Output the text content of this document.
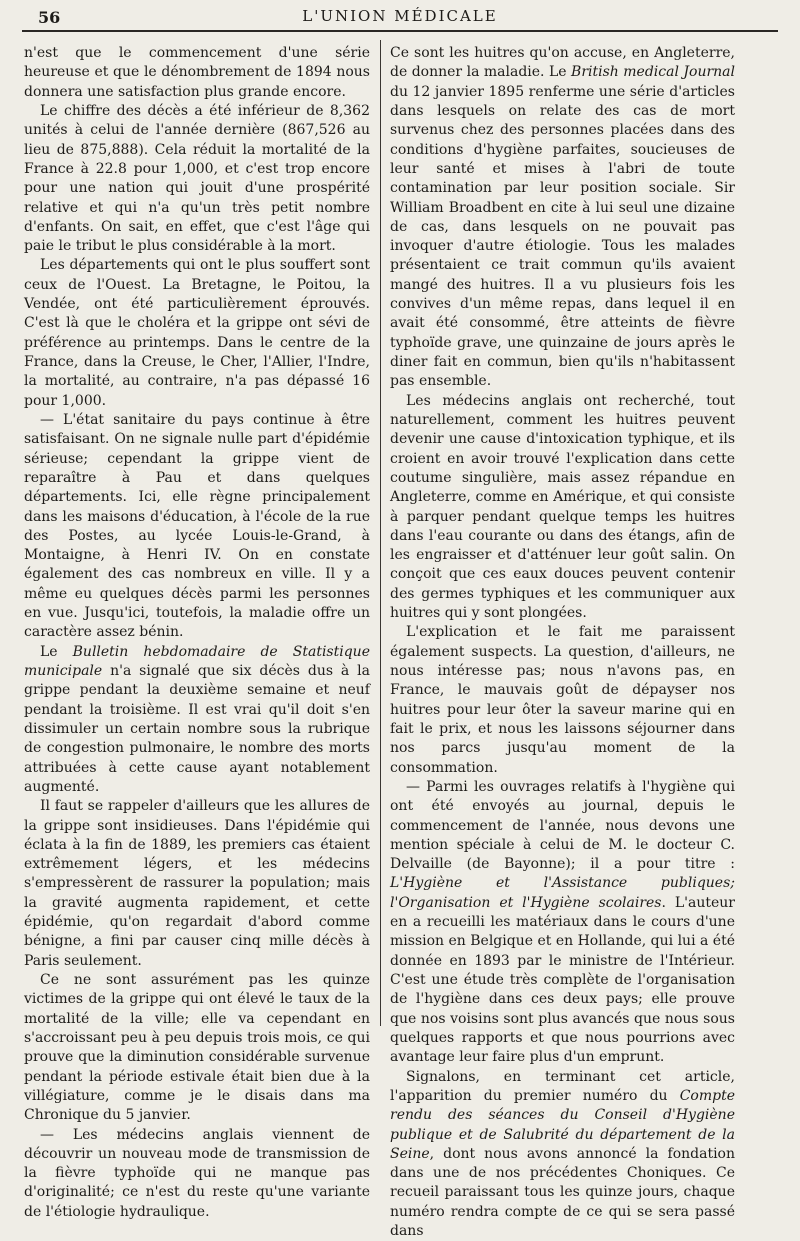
56	L'UNION MÉDICALE

n'est que le commencement d'une série heureuse et que le dénombrement de 1894 nous donnera une satisfaction plus grande encore.

Le chiffre des décès a été inférieur de 8,362 unités à celui de l'année dernière (867,526 au lieu de 875,888). Cela réduit la mortalité de la France à 22.8 pour 1,000, et c'est trop encore pour une nation qui jouit d'une prospérité relative et qui n'a qu'un très petit nombre d'enfants. On sait, en effet, que c'est l'âge qui paie le tribut le plus considérable à la mort.

Les départements qui ont le plus souffert sont ceux de l'Ouest. La Bretagne, le Poitou, la Vendée, ont été particulièrement éprouvés. C'est là que le choléra et la grippe ont sévi de préférence au printemps. Dans le centre de la France, dans la Creuse, le Cher, l'Allier, l'Indre, la mortalité, au contraire, n'a pas dépassé 16 pour 1,000.

— L'état sanitaire du pays continue à être satisfaisant. On ne signale nulle part d'épidémie sérieuse; cependant la grippe vient de reparaître à Pau et dans quelques départements. Ici, elle règne principalement dans les maisons d'éducation, à l'école de la rue des Postes, au lycée Louis-le-Grand, à Montaigne, à Henri IV. On en constate également des cas nombreux en ville. Il y a même eu quelques décès parmi les personnes en vue. Jusqu'ici, toutefois, la maladie offre un caractère assez bénin.

Le Bulletin hebdomadaire de Statistique municipale n'a signalé que six décès dus à la grippe pendant la deuxième semaine et neuf pendant la troisième. Il est vrai qu'il doit s'en dissimuler un certain nombre sous la rubrique de congestion pulmonaire, le nombre des morts attribuées à cette cause ayant notablement augmenté.

Il faut se rappeler d'ailleurs que les allures de la grippe sont insidieuses. Dans l'épidémie qui éclata à la fin de 1889, les premiers cas étaient extrêmement légers, et les médecins s'empressèrent de rassurer la population; mais la gravité augmenta rapidement, et cette épidémie, qu'on regardait d'abord comme bénigne, a fini par causer cinq mille décès à Paris seulement.

Ce ne sont assurément pas les quinze victimes de la grippe qui ont élevé le taux de la mortalité de la ville; elle va cependant en s'accroissant peu à peu depuis trois mois, ce qui prouve que la diminution considérable survenue pendant la période estivale était bien due à la villégiature, comme je le disais dans ma Chronique du 5 janvier.

— Les médecins anglais viennent de découvrir un nouveau mode de transmission de la fièvre typhoïde qui ne manque pas d'originalité; ce n'est du reste qu'une variante de l'étiologie hydraulique.

Ce sont les huitres qu'on accuse, en Angleterre, de donner la maladie. Le British medical Journal du 12 janvier 1895 renferme une série d'articles dans lesquels on relate des cas de mort survenus chez des personnes placées dans des conditions d'hygiène parfaites, soucieuses de leur santé et mises à l'abri de toute contamination par leur position sociale. Sir William Broadbent en cite à lui seul une dizaine de cas, dans lesquels on ne pouvait pas invoquer d'autre étiologie. Tous les malades présentaient ce trait commun qu'ils avaient mangé des huitres. Il a vu plusieurs fois les convives d'un même repas, dans lequel il en avait été consommé, être atteints de fièvre typhoïde grave, une quinzaine de jours après le diner fait en commun, bien qu'ils n'habitassent pas ensemble.

Les médecins anglais ont recherché, tout naturellement, comment les huitres peuvent devenir une cause d'intoxication typhique, et ils croient en avoir trouvé l'explication dans cette coutume singulière, mais assez répandue en Angleterre, comme en Amérique, et qui consiste à parquer pendant quelque temps les huitres dans l'eau courante ou dans des étangs, afin de les engraisser et d'atténuer leur goût salin. On conçoit que ces eaux douces peuvent contenir des germes typhiques et les communiquer aux huitres qui y sont plongées.

L'explication et le fait me paraissent également suspects. La question, d'ailleurs, ne nous intéresse pas; nous n'avons pas, en France, le mauvais goût de dépayser nos huitres pour leur ôter la saveur marine qui en fait le prix, et nous les laissons séjourner dans nos parcs jusqu'au moment de la consommation.

— Parmi les ouvrages relatifs à l'hygiène qui ont été envoyés au journal, depuis le commencement de l'année, nous devons une mention spéciale à celui de M. le docteur C. Delvaille (de Bayonne); il a pour titre : L'Hygiène et l'Assistance publiques; l'Organisation et l'Hygiène scolaires. L'auteur en a recueilli les matériaux dans le cours d'une mission en Belgique et en Hollande, qui lui a été donnée en 1893 par le ministre de l'Intérieur. C'est une étude très complète de l'organisation de l'hygiène dans ces deux pays; elle prouve que nos voisins sont plus avancés que nous sous quelques rapports et que nous pourrions avec avantage leur faire plus d'un emprunt.

Signalons, en terminant cet article, l'apparition du premier numéro du Compte rendu des séances du Conseil d'Hygiène publique et de Salubrité du département de la Seine, dont nous avons annoncé la fondation dans une de nos précédentes Choniques. Ce recueil paraissant tous les quinze jours, chaque numéro rendra compte de ce qui se sera passé dans
